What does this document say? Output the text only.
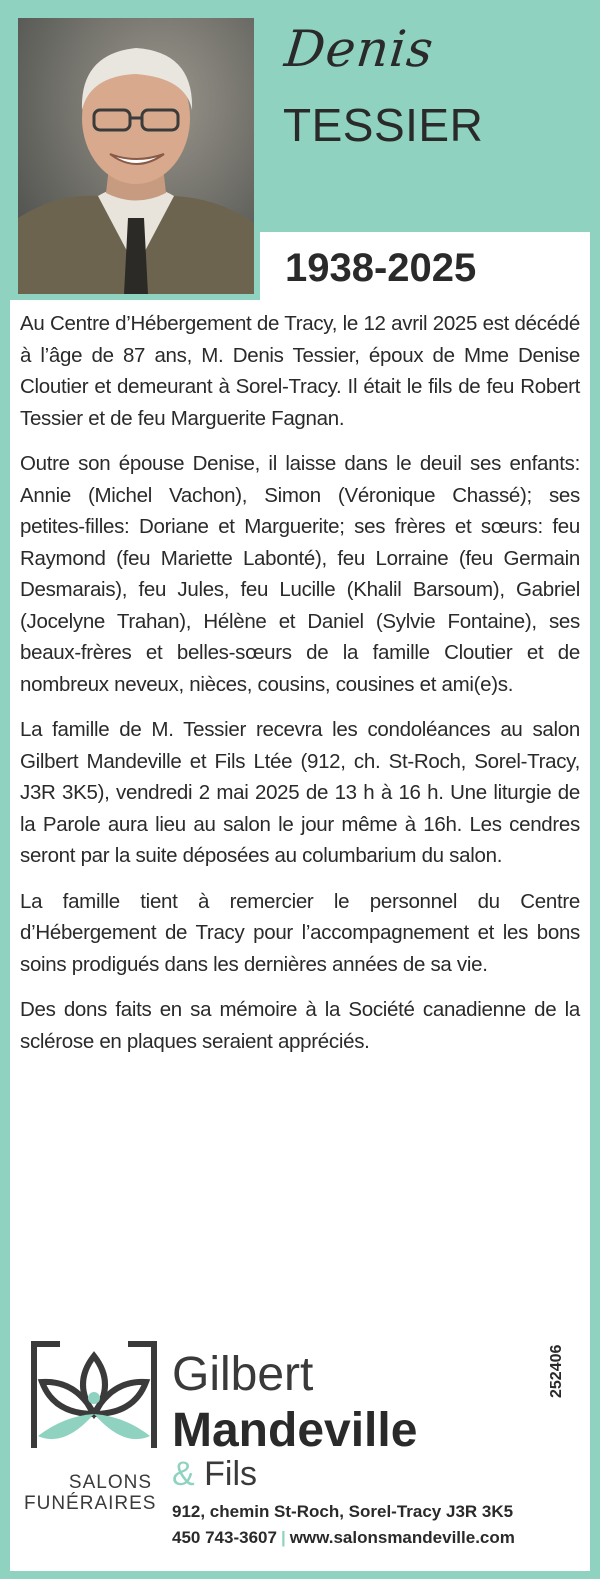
Denis
TESSIER
1938-2025

Au Centre d’Hébergement de Tracy, le 12 avril 2025 est décédé à l’âge de 87 ans, M. Denis Tessier, époux de Mme Denise Cloutier et demeurant à Sorel-Tracy. Il était le fils de feu Robert Tessier et de feu Marguerite Fagnan.

Outre son épouse Denise, il laisse dans le deuil ses enfants: Annie (Michel Vachon), Simon (Véronique Chassé); ses petites-filles: Doriane et Marguerite; ses frères et sœurs: feu Raymond (feu Mariette Labonté), feu Lorraine (feu Germain Desmarais), feu Jules, feu Lucille (Khalil Barsoum), Gabriel (Jocelyne Trahan), Hélène et Daniel (Sylvie Fontaine), ses beaux-frères et belles-sœurs de la famille Cloutier et de nombreux neveux, nièces, cousins, cousines et ami(e)s.

La famille de M. Tessier recevra les condoléances au salon Gilbert Mandeville et Fils Ltée (912, ch. St-Roch, Sorel-Tracy, J3R 3K5), vendredi 2 mai 2025 de 13 h à 16 h. Une liturgie de la Parole aura lieu au salon le jour même à 16h. Les cendres seront par la suite déposées au columbarium du salon.

La famille tient à remercier le personnel du Centre d’Hébergement de Tracy pour l’accompagnement et les bons soins prodigués dans les dernières années de sa vie.

Des dons faits en sa mémoire à la Société canadienne de la sclérose en plaques seraient appréciés.

SALONS
FUNÉRAIRES
Gilbert
Mandeville
& Fils
912, chemin St-Roch, Sorel-Tracy J3R 3K5
450 743-3607 | www.salonsmandeville.com
252406
